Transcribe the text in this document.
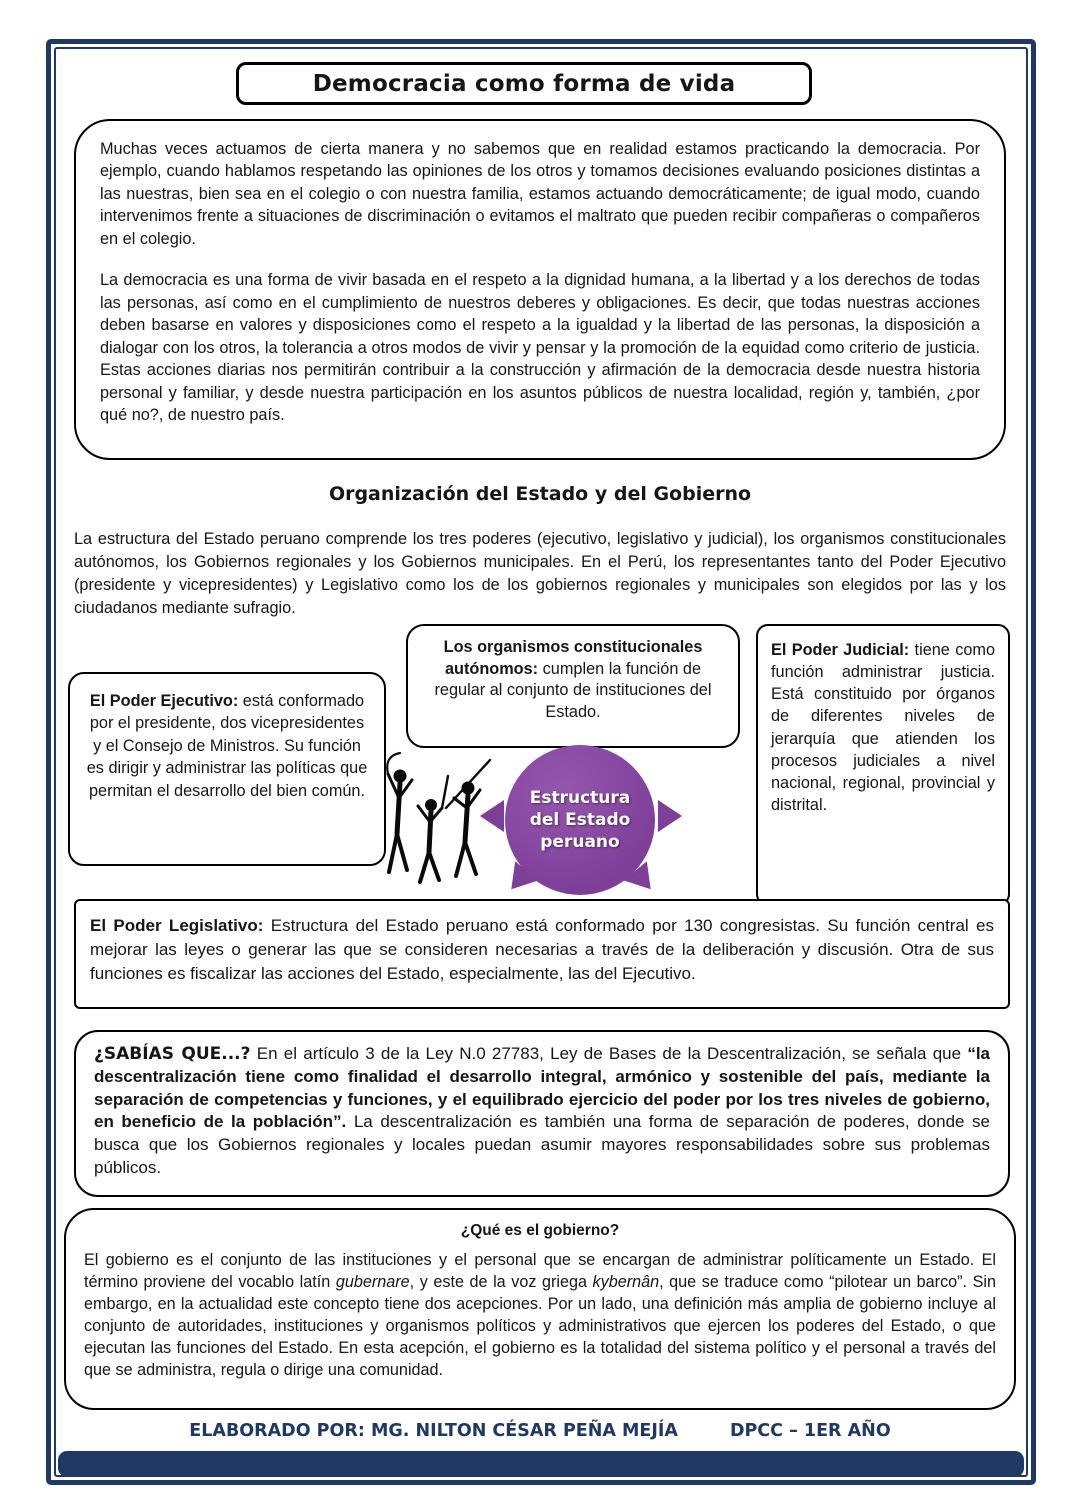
Democracia como forma de vida

Muchas veces actuamos de cierta manera y no sabemos que en realidad estamos practicando la democracia. Por ejemplo, cuando hablamos respetando las opiniones de los otros y tomamos decisiones evaluando posiciones distintas a las nuestras, bien sea en el colegio o con nuestra familia, estamos actuando democráticamente; de igual modo, cuando intervenimos frente a situaciones de discriminación o evitamos el maltrato que pueden recibir compañeras o compañeros en el colegio.

La democracia es una forma de vivir basada en el respeto a la dignidad humana, a la libertad y a los derechos de todas las personas, así como en el cumplimiento de nuestros deberes y obligaciones. Es decir, que todas nuestras acciones deben basarse en valores y disposiciones como el respeto a la igualdad y la libertad de las personas, la disposición a dialogar con los otros, la tolerancia a otros modos de vivir y pensar y la promoción de la equidad como criterio de justicia. Estas acciones diarias nos permitirán contribuir a la construcción y afirmación de la democracia desde nuestra historia personal y familiar, y desde nuestra participación en los asuntos públicos de nuestra localidad, región y, también, ¿por qué no?, de nuestro país.

Organización del Estado y del Gobierno

La estructura del Estado peruano comprende los tres poderes (ejecutivo, legislativo y judicial), los organismos constitucionales autónomos, los Gobiernos regionales y los Gobiernos municipales. En el Perú, los representantes tanto del Poder Ejecutivo (presidente y vicepresidentes) y Legislativo como los de los gobiernos regionales y municipales son elegidos por las y los ciudadanos mediante sufragio.

El Poder Ejecutivo: está conformado por el presidente, dos vicepresidentes y el Consejo de Ministros. Su función es dirigir y administrar las políticas que permitan el desarrollo del bien común.

Los organismos constitucionales autónomos: cumplen la función de regular al conjunto de instituciones del Estado.

El Poder Judicial: tiene como función administrar justicia. Está constituido por órganos de diferentes niveles de jerarquía que atienden los procesos judiciales a nivel nacional, regional, provincial y distrital.

Estructura
del Estado
peruano

El Poder Legislativo: Estructura del Estado peruano está conformado por 130 congresistas. Su función central es mejorar las leyes o generar las que se consideren necesarias a través de la deliberación y discusión. Otra de sus funciones es fiscalizar las acciones del Estado, especialmente, las del Ejecutivo.

¿SABÍAS QUE...? En el artículo 3 de la Ley N.0 27783, Ley de Bases de la Descentralización, se señala que “la descentralización tiene como finalidad el desarrollo integral, armónico y sostenible del país, mediante la separación de competencias y funciones, y el equilibrado ejercicio del poder por los tres niveles de gobierno, en beneficio de la población”. La descentralización es también una forma de separación de poderes, donde se busca que los Gobiernos regionales y locales puedan asumir mayores responsabilidades sobre sus problemas públicos.

¿Qué es el gobierno?

El gobierno es el conjunto de las instituciones y el personal que se encargan de administrar políticamente un Estado. El término proviene del vocablo latín gubernare, y este de la voz griega kybernân, que se traduce como “pilotear un barco”. Sin embargo, en la actualidad este concepto tiene dos acepciones. Por un lado, una definición más amplia de gobierno incluye al conjunto de autoridades, instituciones y organismos políticos y administrativos que ejercen los poderes del Estado, o que ejecutan las funciones del Estado. En esta acepción, el gobierno es la totalidad del sistema político y el personal a través del que se administra, regula o dirige una comunidad.

ELABORADO POR: MG. NILTON CÉSAR PEÑA MEJÍA	DPCC – 1ER AÑO
